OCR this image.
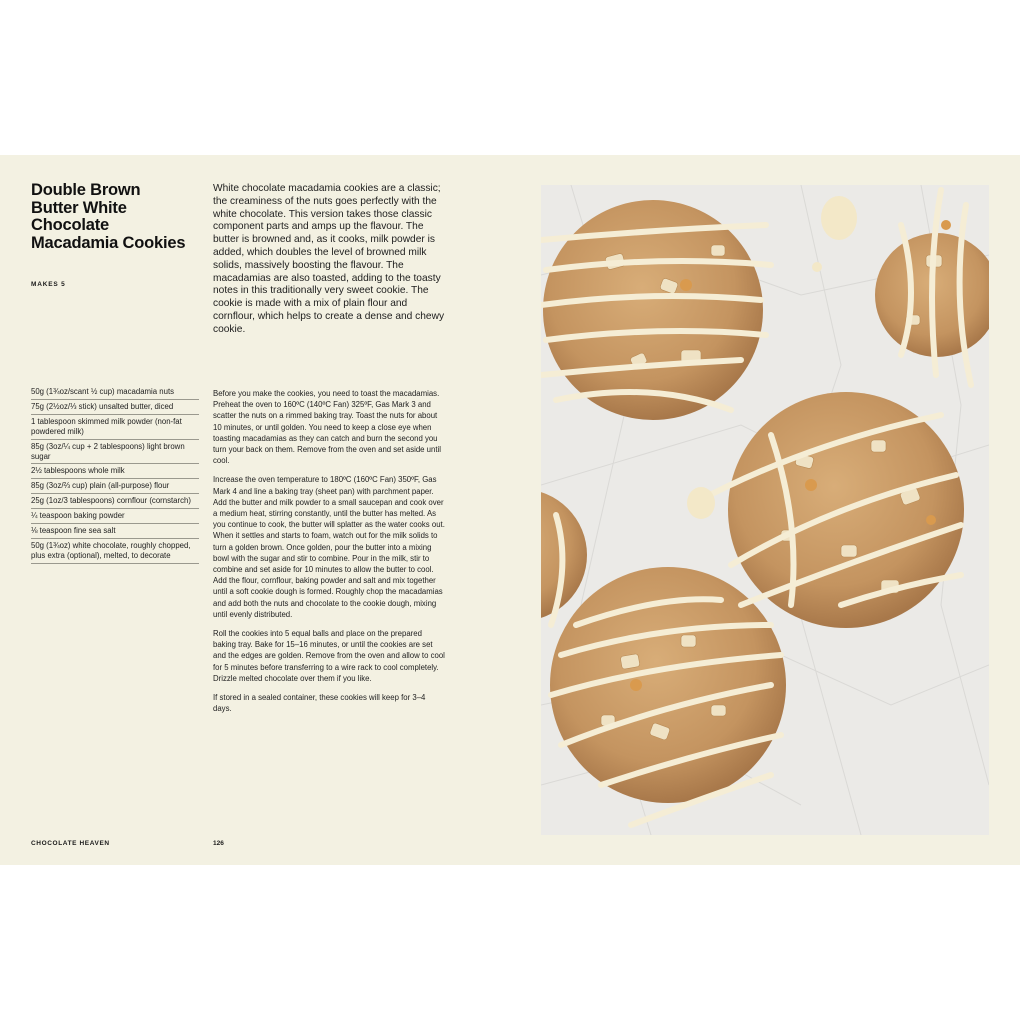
Double Brown Butter White Chocolate Macadamia Cookies
MAKES 5
White chocolate macadamia cookies are a classic; the creaminess of the nuts goes perfectly with the white chocolate. This version takes those classic component parts and amps up the flavour. The butter is browned and, as it cooks, milk powder is added, which doubles the level of browned milk solids, massively boosting the flavour. The macadamias are also toasted, adding to the toasty notes in this traditionally very sweet cookie. The cookie is made with a mix of plain flour and cornflour, which helps to create a dense and chewy cookie.
50g (1¾oz/scant ½ cup) macadamia nuts
75g (2½oz/⅓ stick) unsalted butter, diced
1 tablespoon skimmed milk powder (non-fat powdered milk)
85g (3oz/¼ cup + 2 tablespoons) light brown sugar
2½ tablespoons whole milk
85g (3oz/⅔ cup) plain (all-purpose) flour
25g (1oz/3 tablespoons) cornflour (cornstarch)
¼ teaspoon baking powder
⅛ teaspoon fine sea salt
50g (1¾oz) white chocolate, roughly chopped, plus extra (optional), melted, to decorate

Before you make the cookies, you need to toast the macadamias. Preheat the oven to 160ºC (140ºC Fan) 325ºF, Gas Mark 3 and scatter the nuts on a rimmed baking tray. Toast the nuts for about 10 minutes, or until golden. You need to keep a close eye when toasting macadamias as they can catch and burn the second you turn your back on them. Remove from the oven and set aside until cool.

Increase the oven temperature to 180ºC (160ºC Fan) 350ºF, Gas Mark 4 and line a baking tray (sheet pan) with parchment paper. Add the butter and milk powder to a small saucepan and cook over a medium heat, stirring constantly, until the butter has melted. As you continue to cook, the butter will splatter as the water cooks out. When it settles and starts to foam, watch out for the milk solids to turn a golden brown. Once golden, pour the butter into a mixing bowl with the sugar and stir to combine. Pour in the milk, stir to combine and set aside for 10 minutes to allow the butter to cool. Add the flour, cornflour, baking powder and salt and mix together until a soft cookie dough is formed. Roughly chop the macadamias and add both the nuts and chocolate to the cookie dough, mixing until evenly distributed.

Roll the cookies into 5 equal balls and place on the prepared baking tray. Bake for 15–16 minutes, or until the cookies are set and the edges are golden. Remove from the oven and allow to cool for 5 minutes before transferring to a wire rack to cool completely. Drizzle melted chocolate over them if you like.

If stored in a sealed container, these cookies will keep for 3–4 days.

CHOCOLATE HEAVEN	126
